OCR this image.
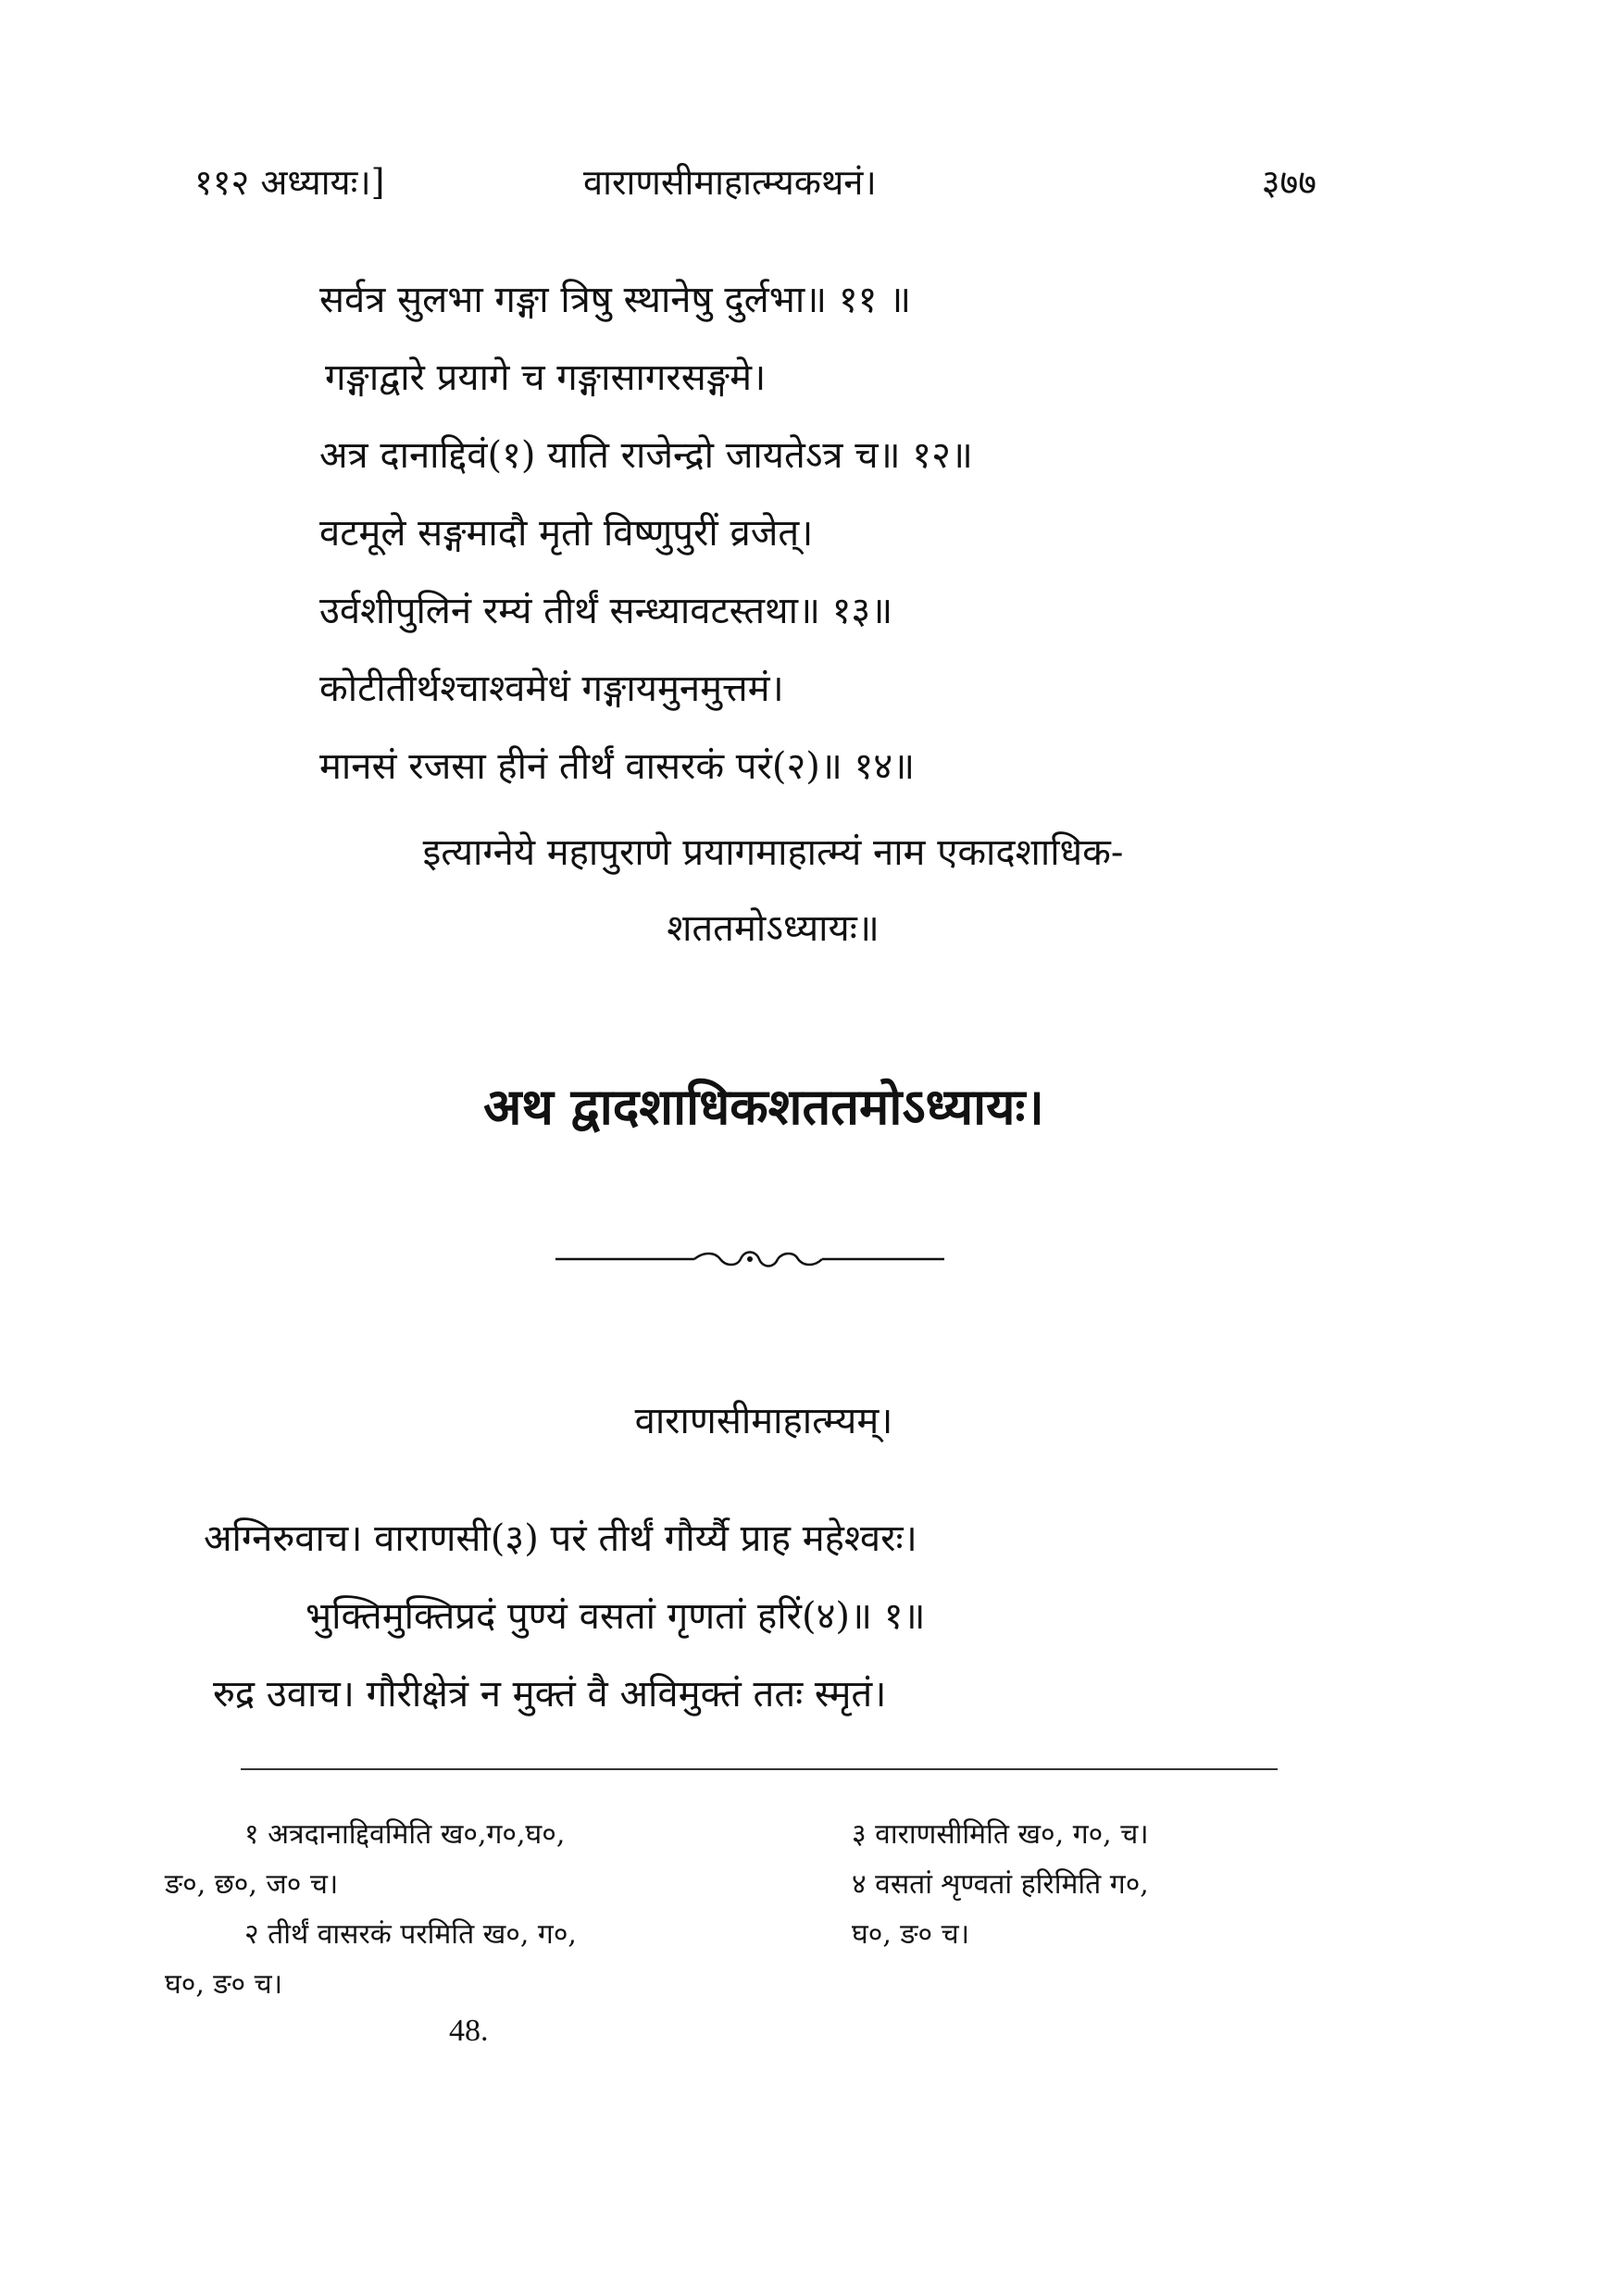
११२ अध्यायः।]	वाराणसीमाहात्म्यकथनं।	३७७
सर्वत्र सुलभा गङ्गा त्रिषु स्थानेषु दुर्लभा॥ ११ ॥
गङ्गाद्वारे प्रयागे च गङ्गासागरसङ्गमे।
अत्र दानाद्दिवं(१) याति राजेन्द्रो जायतेऽत्र च॥ १२॥
वटमूले सङ्गमादौ मृतो विष्णुपुरीं व्रजेत्।
उर्वशीपुलिनं रम्यं तीर्थं सन्ध्यावटस्तथा॥ १३॥
कोटीतीर्थश्चाश्वमेधं गङ्गायमुनमुत्तमं।
मानसं रजसा हीनं तीर्थं वासरकं परं(२)॥ १४॥
इत्याग्नेये महापुराणे प्रयागमाहात्म्यं नाम एकादशाधिक-
शततमोऽध्यायः॥
अथ द्वादशाधिकशततमोऽध्यायः।
वाराणसीमाहात्म्यम्।
अग्निरुवाच। वाराणसी(३) परं तीर्थं गौर्य्यै प्राह महेश्वरः।
भुक्तिमुक्तिप्रदं पुण्यं वसतां गृणतां हरिं(४)॥ १॥
रुद्र उवाच। गौरीक्षेत्रं न मुक्तं वै अविमुक्तं ततः स्मृतं।
१ अत्रदानाद्दिवमिति ख०,ग०,घ०,
ङ०, छ०, ज० च।
२ तीर्थं वासरकं परमिति ख०, ग०,
घ०, ङ० च।
३ वाराणसीमिति ख०, ग०, च।
४ वसतां शृण्वतां हरिमिति ग०,
घ०, ङ० च।
48.
